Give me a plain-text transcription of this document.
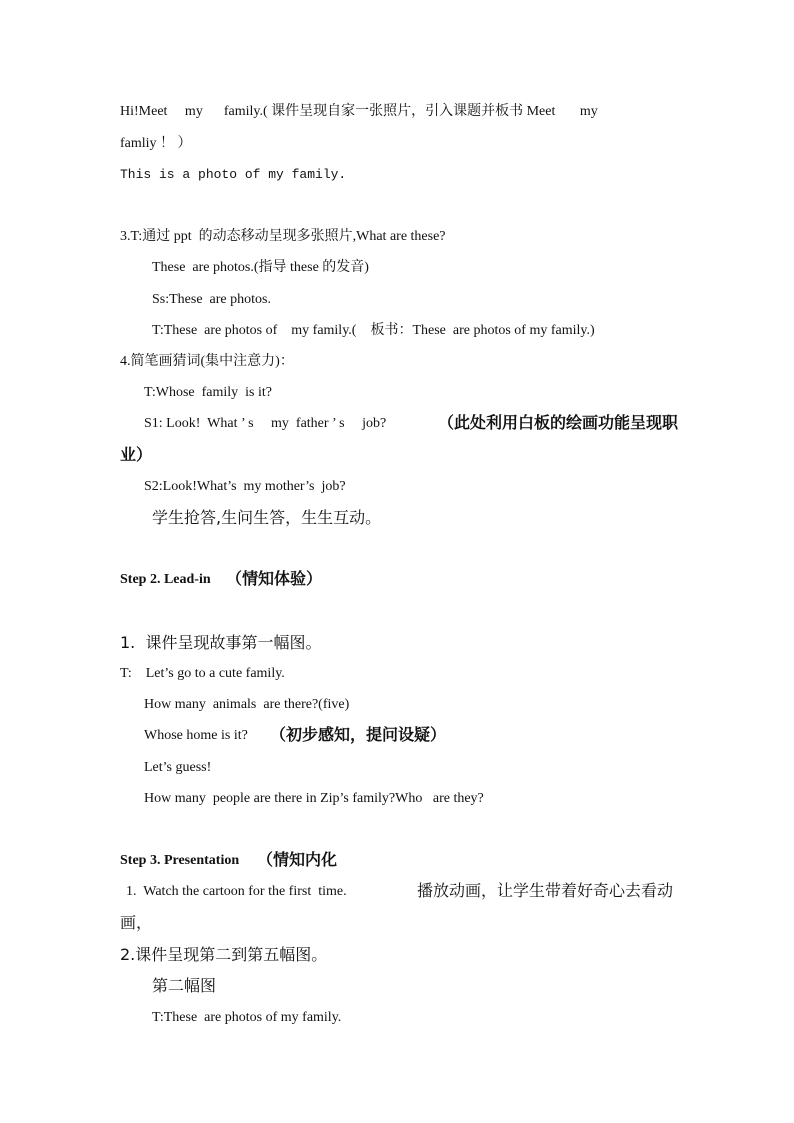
Hi!Meet     my      family.( 课件呈现自家一张照片，引入课题并板书 Meet       my
famliy ！ ）
This is a photo of my family.
3.T:通过 ppt  的动态移动呈现多张照片,What are these?
These  are photos.(指导 these 的发音)
Ss:These  are photos.
T:These  are photos of    my family.(    板书：These  are photos of my family.)
4.简笔画猜词(集中注意力)：
T:Whose  family  is it?
S1: Look!  What ’ s     my  father ’ s     job?	（此处利用白板的绘画功能呈现职
业）
S2:Look!What’s  my mother’s  job?
学生抢答,生问生答，生生互动。
Step 2. Lead-in （情知体验）
1.  课件呈现故事第一幅图。
T:    Let’s go to a cute family.
How many  animals  are there?(five)
Whose home is it? （初步感知，提问设疑）
Let’s guess!
How many  people are there in Zip’s family?Who   are they?
Step 3. Presentation （情知内化
1.  Watch the cartoon for the first  time.	播放动画，让学生带着好奇心去看动
画，
2.课件呈现第二到第五幅图。
第二幅图
T:These  are photos of my family.
